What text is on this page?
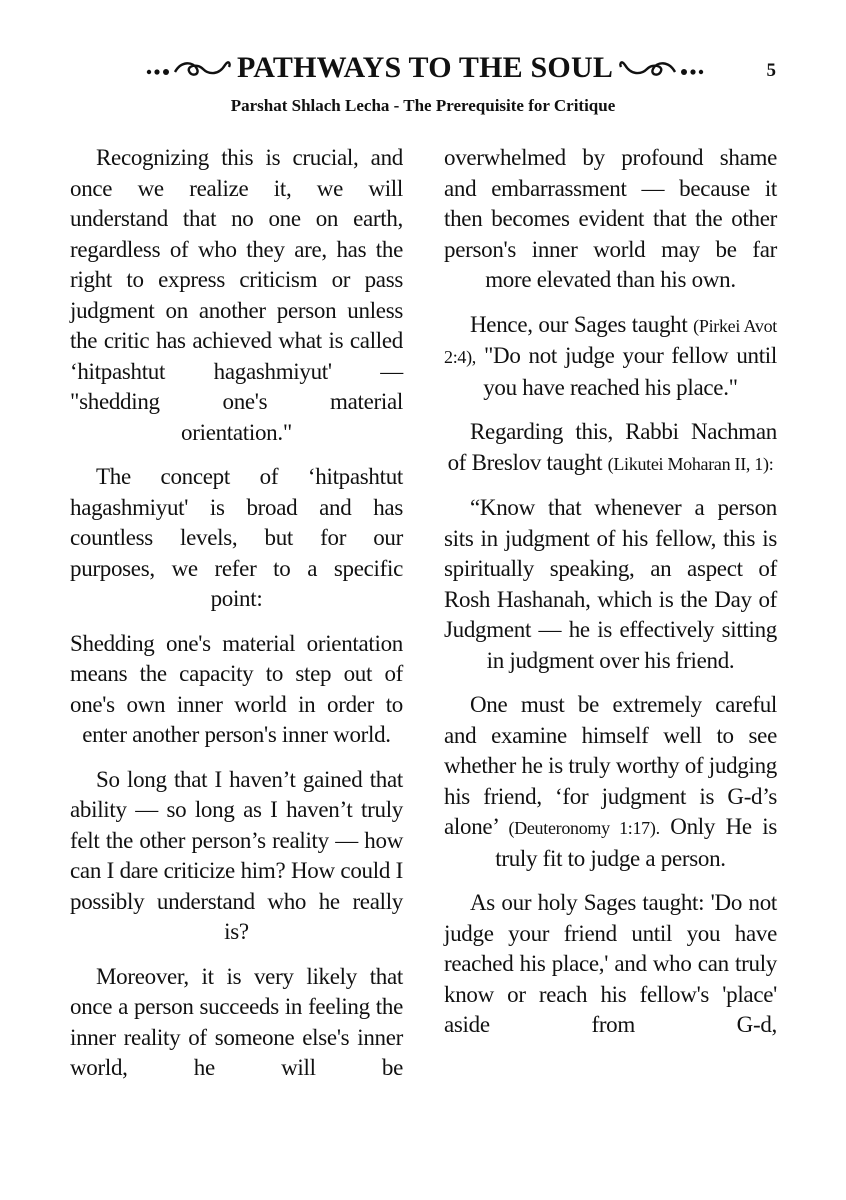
PATHWAYS TO THE SOUL	5
Parshat Shlach Lecha - The Prerequisite for Critique

Recognizing this is crucial, and once we realize it, we will understand that no one on earth, regardless of who they are, has the right to express criticism or pass judgment on another person unless the critic has achieved what is called ‘hitpashtut hagashmiyut' — "shedding one's material orientation."

The concept of ‘hitpashtut hagashmiyut' is broad and has countless levels, but for our purposes, we refer to a specific point:

Shedding one's material orientation means the capacity to step out of one's own inner world in order to enter another person's inner world.

So long that I haven’t gained that ability — so long as I haven’t truly felt the other person’s reality — how can I dare criticize him? How could I possibly understand who he really is?

Moreover, it is very likely that once a person succeeds in feeling the inner reality of someone else's inner world, he will be

overwhelmed by profound shame and embarrassment — because it then becomes evident that the other person's inner world may be far more elevated than his own.

Hence, our Sages taught (Pirkei Avot 2:4), "Do not judge your fellow until you have reached his place."

Regarding this, Rabbi Nachman of Breslov taught (Likutei Moharan II, 1):

“Know that whenever a person sits in judgment of his fellow, this is spiritually speaking, an aspect of Rosh Hashanah, which is the Day of Judgment — he is effectively sitting in judgment over his friend.

One must be extremely careful and examine himself well to see whether he is truly worthy of judging his friend, ‘for judgment is G-d’s alone’ (Deuteronomy 1:17). Only He is truly fit to judge a person.

As our holy Sages taught: 'Do not judge your friend until you have reached his place,' and who can truly know or reach his fellow's 'place' aside from G-d,
